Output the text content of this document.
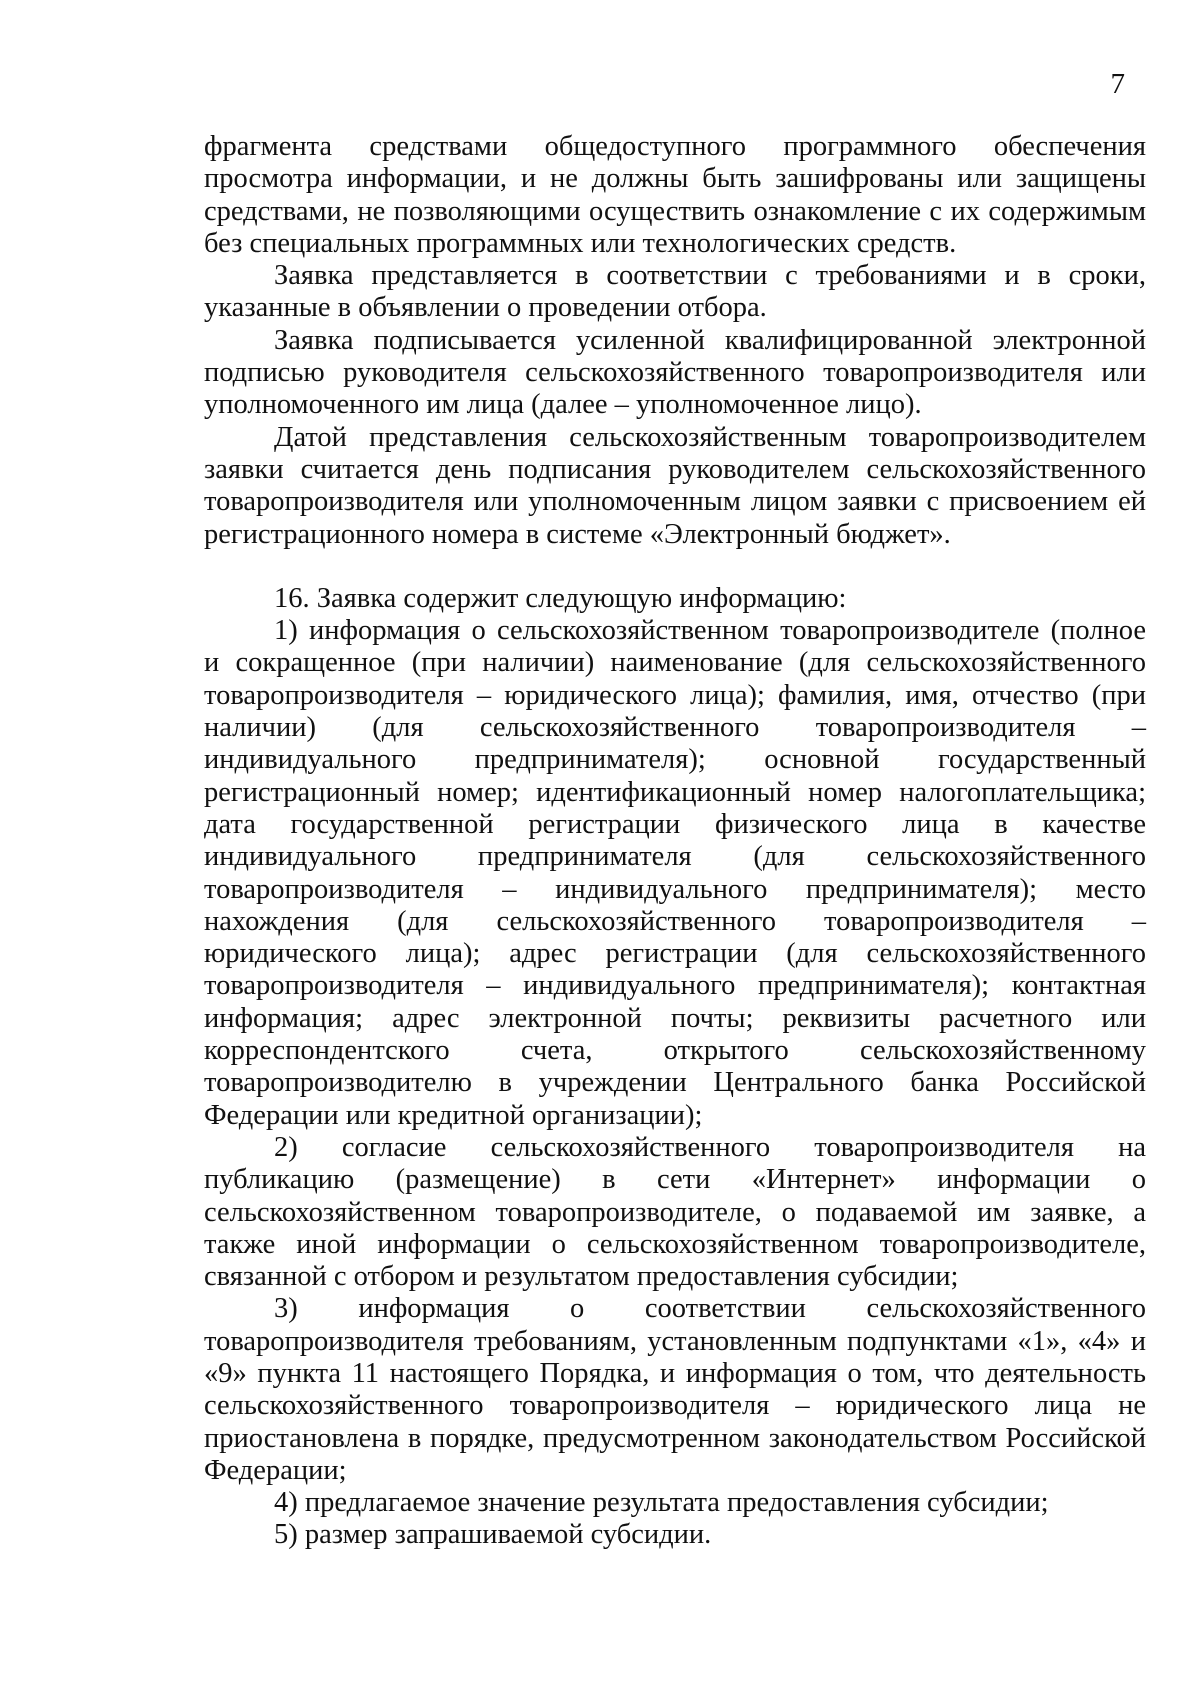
7

фрагмента средствами общедоступного программного обеспечения просмотра информации, и не должны быть зашифрованы или защищены средствами, не позволяющими осуществить ознакомление с их содержимым без специальных программных или технологических средств.

Заявка представляется в соответствии с требованиями и в сроки, указанные в объявлении о проведении отбора.

Заявка подписывается усиленной квалифицированной электронной подписью руководителя сельскохозяйственного товаропроизводителя или уполномоченного им лица (далее – уполномоченное лицо).

Датой представления сельскохозяйственным товаропроизводителем заявки считается день подписания руководителем сельскохозяйственного товаропроизводителя или уполномоченным лицом заявки с присвоением ей регистрационного номера в системе «Электронный бюджет».

16. Заявка содержит следующую информацию:

1) информация о сельскохозяйственном товаропроизводителе (полное и сокращенное (при наличии) наименование (для сельскохозяйственного товаропроизводителя – юридического лица); фамилия, имя, отчество (при наличии) (для сельскохозяйственного товаропроизводителя – индивидуального предпринимателя); основной государственный регистрационный номер; идентификационный номер налогоплательщика; дата государственной регистрации физического лица в качестве индивидуального предпринимателя (для сельскохозяйственного товаропроизводителя – индивидуального предпринимателя); место нахождения (для сельскохозяйственного товаропроизводителя – юридического лица); адрес регистрации (для сельскохозяйственного товаропроизводителя – индивидуального предпринимателя); контактная информация; адрес электронной почты; реквизиты расчетного или корреспондентского счета, открытого сельскохозяйственному товаропроизводителю в учреждении Центрального банка Российской Федерации или кредитной организации);

2) согласие сельскохозяйственного товаропроизводителя на публикацию (размещение) в сети «Интернет» информации о сельскохозяйственном товаропроизводителе, о подаваемой им заявке, а также иной информации о сельскохозяйственном товаропроизводителе, связанной с отбором и результатом предоставления субсидии;

3) информация о соответствии сельскохозяйственного товаропроизводителя требованиям, установленным подпунктами «1», «4» и «9» пункта 11 настоящего Порядка, и информация о том, что деятельность сельскохозяйственного товаропроизводителя – юридического лица не приостановлена в порядке, предусмотренном законодательством Российской Федерации;

4) предлагаемое значение результата предоставления субсидии;

5) размер запрашиваемой субсидии.
